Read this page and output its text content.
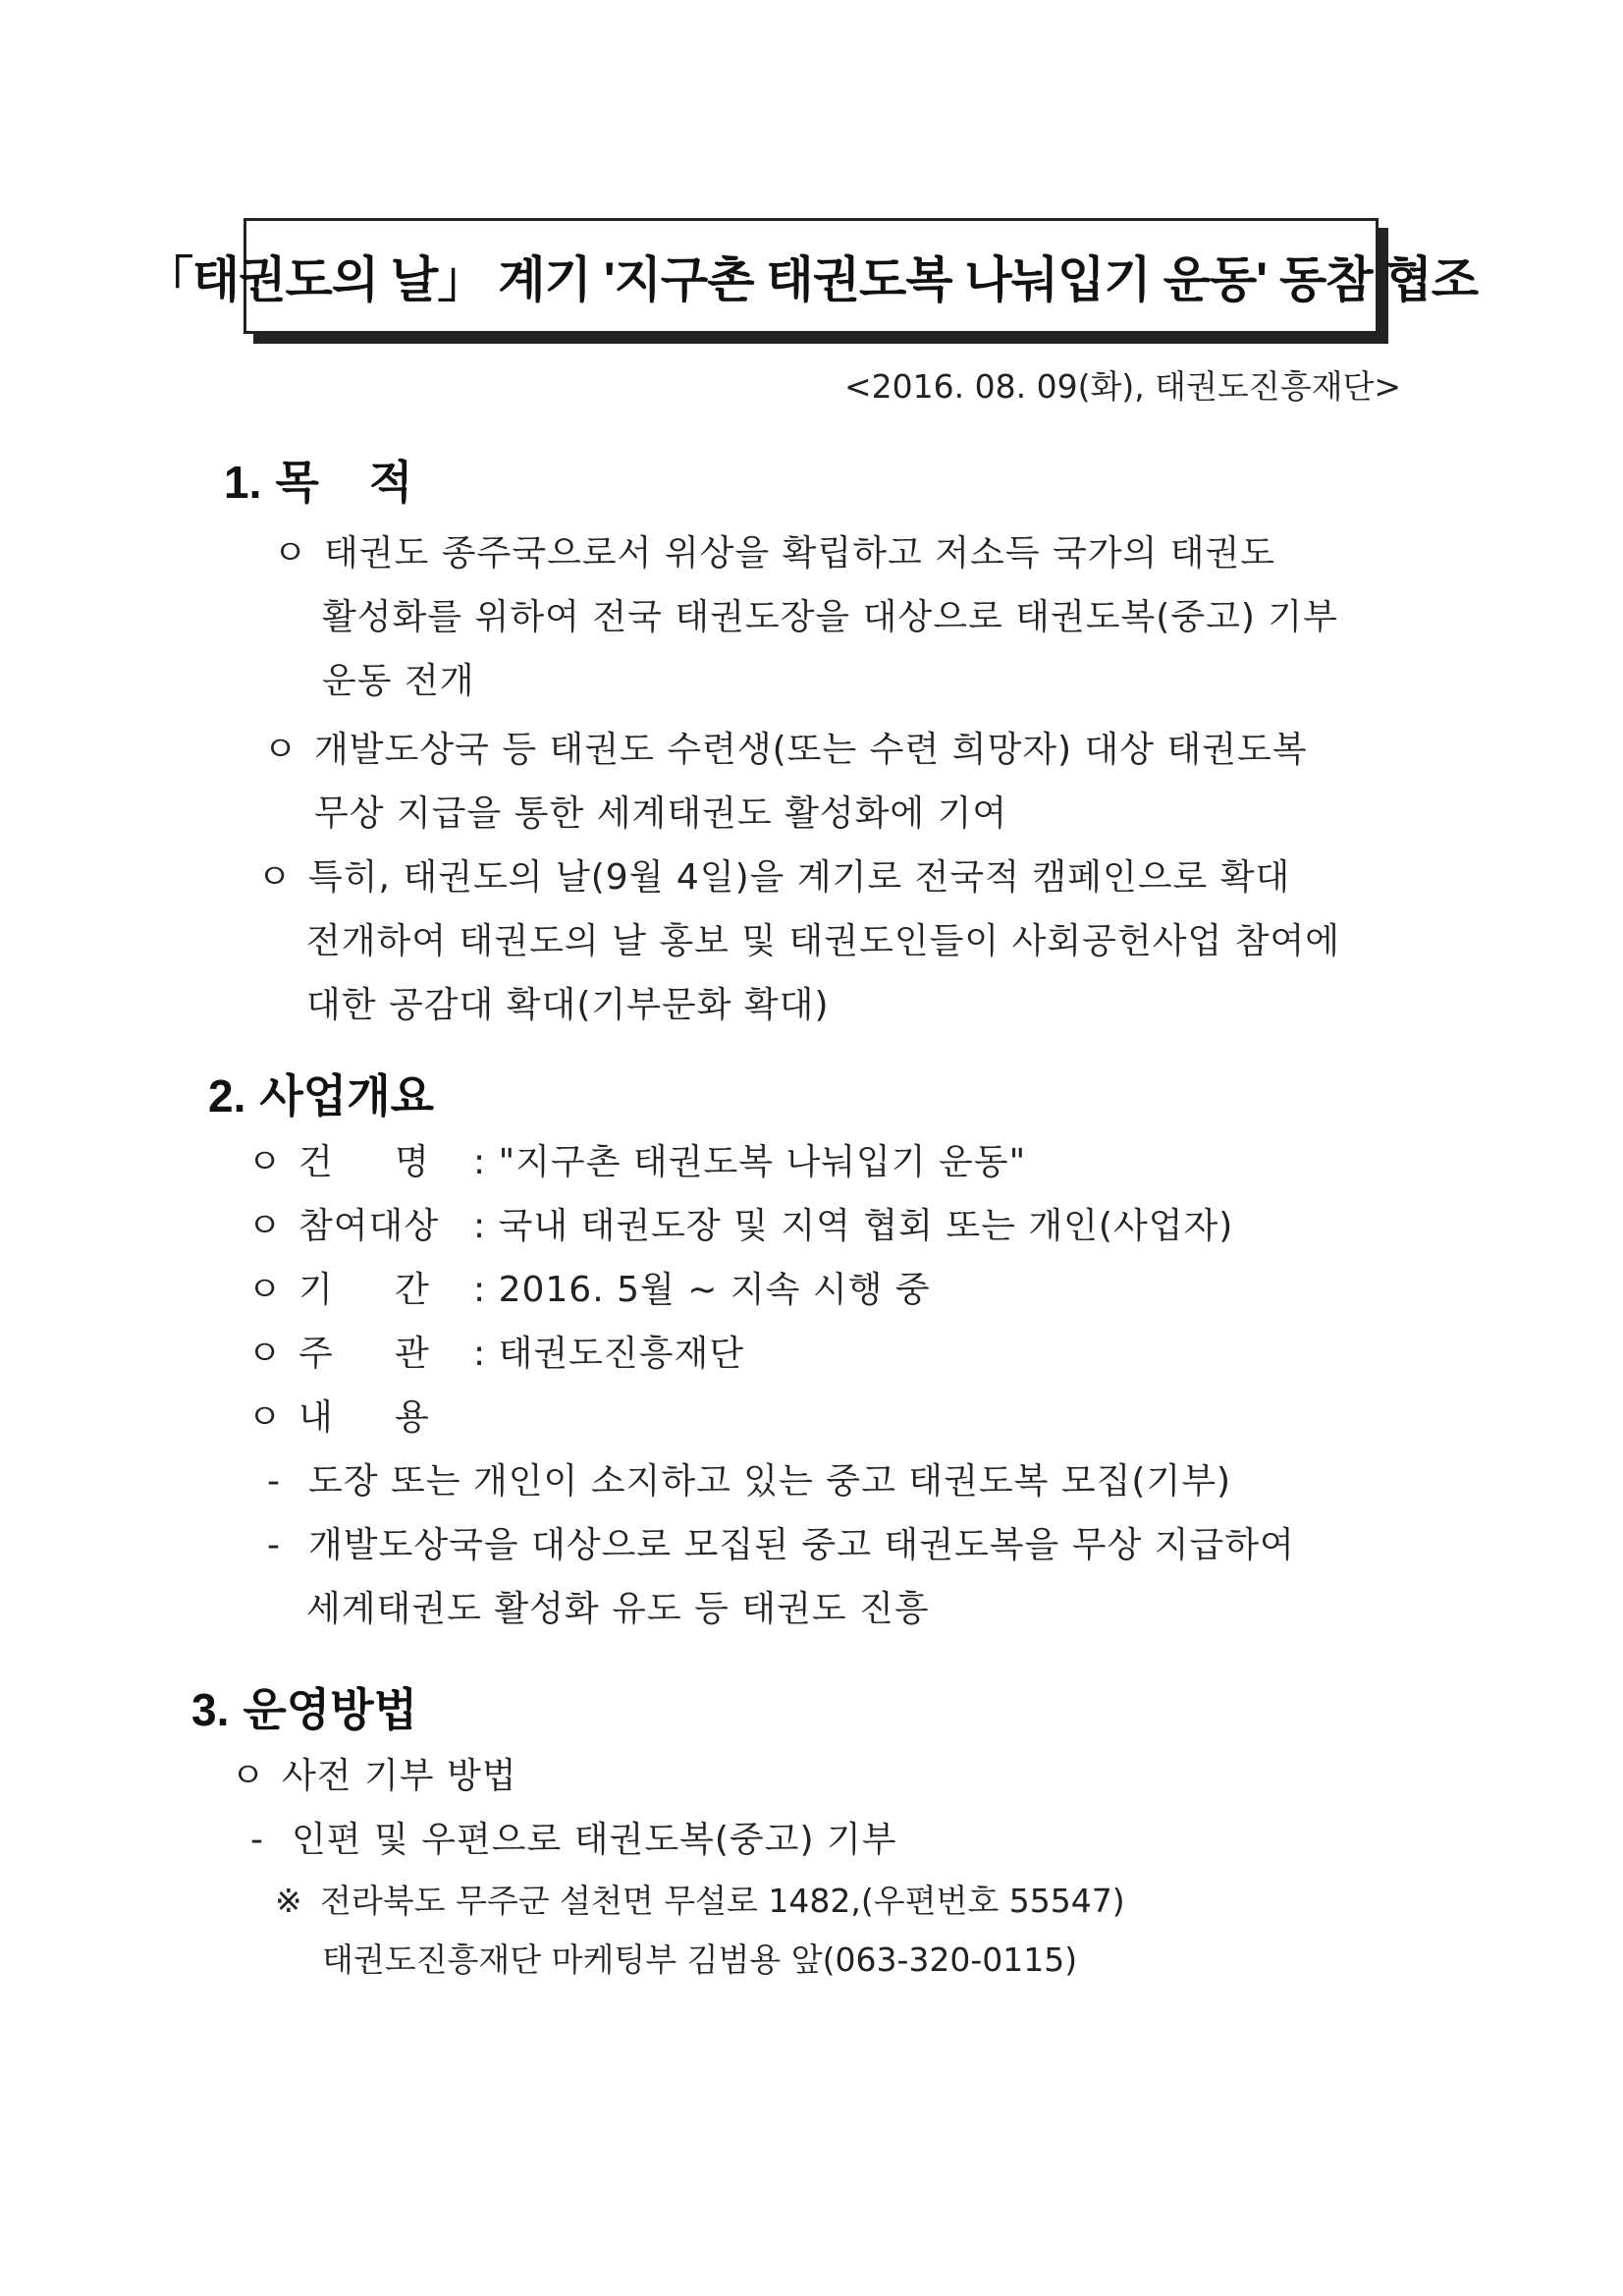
「태권도의 날」 계기 '지구촌 태권도복 나눠입기 운동' 동참 협조
<2016. 08. 09(화), 태권도진흥재단>
1. 목    적
ㅇ 태권도 종주국으로서 위상을 확립하고 저소득 국가의 태권도
활성화를 위하여 전국 태권도장을 대상으로 태권도복(중고) 기부
운동 전개
ㅇ 개발도상국 등 태권도 수련생(또는 수련 희망자) 대상 태권도복
무상 지급을 통한 세계태권도 활성화에 기여
ㅇ 특히, 태권도의 날(9월 4일)을 계기로 전국적 캠페인으로 확대
전개하여 태권도의 날 홍보 및 태권도인들이 사회공헌사업 참여에
대한 공감대 확대(기부문화 확대)
2. 사업개요
ㅇ 건     명 : "지구촌 태권도복 나눠입기 운동"
ㅇ 참여대상 : 국내 태권도장 및 지역 협회 또는 개인(사업자)
ㅇ 기     간 : 2016. 5월 ~ 지속 시행 중
ㅇ 주     관 : 태권도진흥재단
ㅇ 내     용
- 도장 또는 개인이 소지하고 있는 중고 태권도복 모집(기부)
- 개발도상국을 대상으로 모집된 중고 태권도복을 무상 지급하여
세계태권도 활성화 유도 등 태권도 진흥
3. 운영방법
ㅇ 사전 기부 방법
- 인편 및 우편으로 태권도복(중고) 기부
※ 전라북도 무주군 설천면 무설로 1482,(우편번호 55547)
태권도진흥재단 마케팅부 김범용 앞(063-320-0115)
